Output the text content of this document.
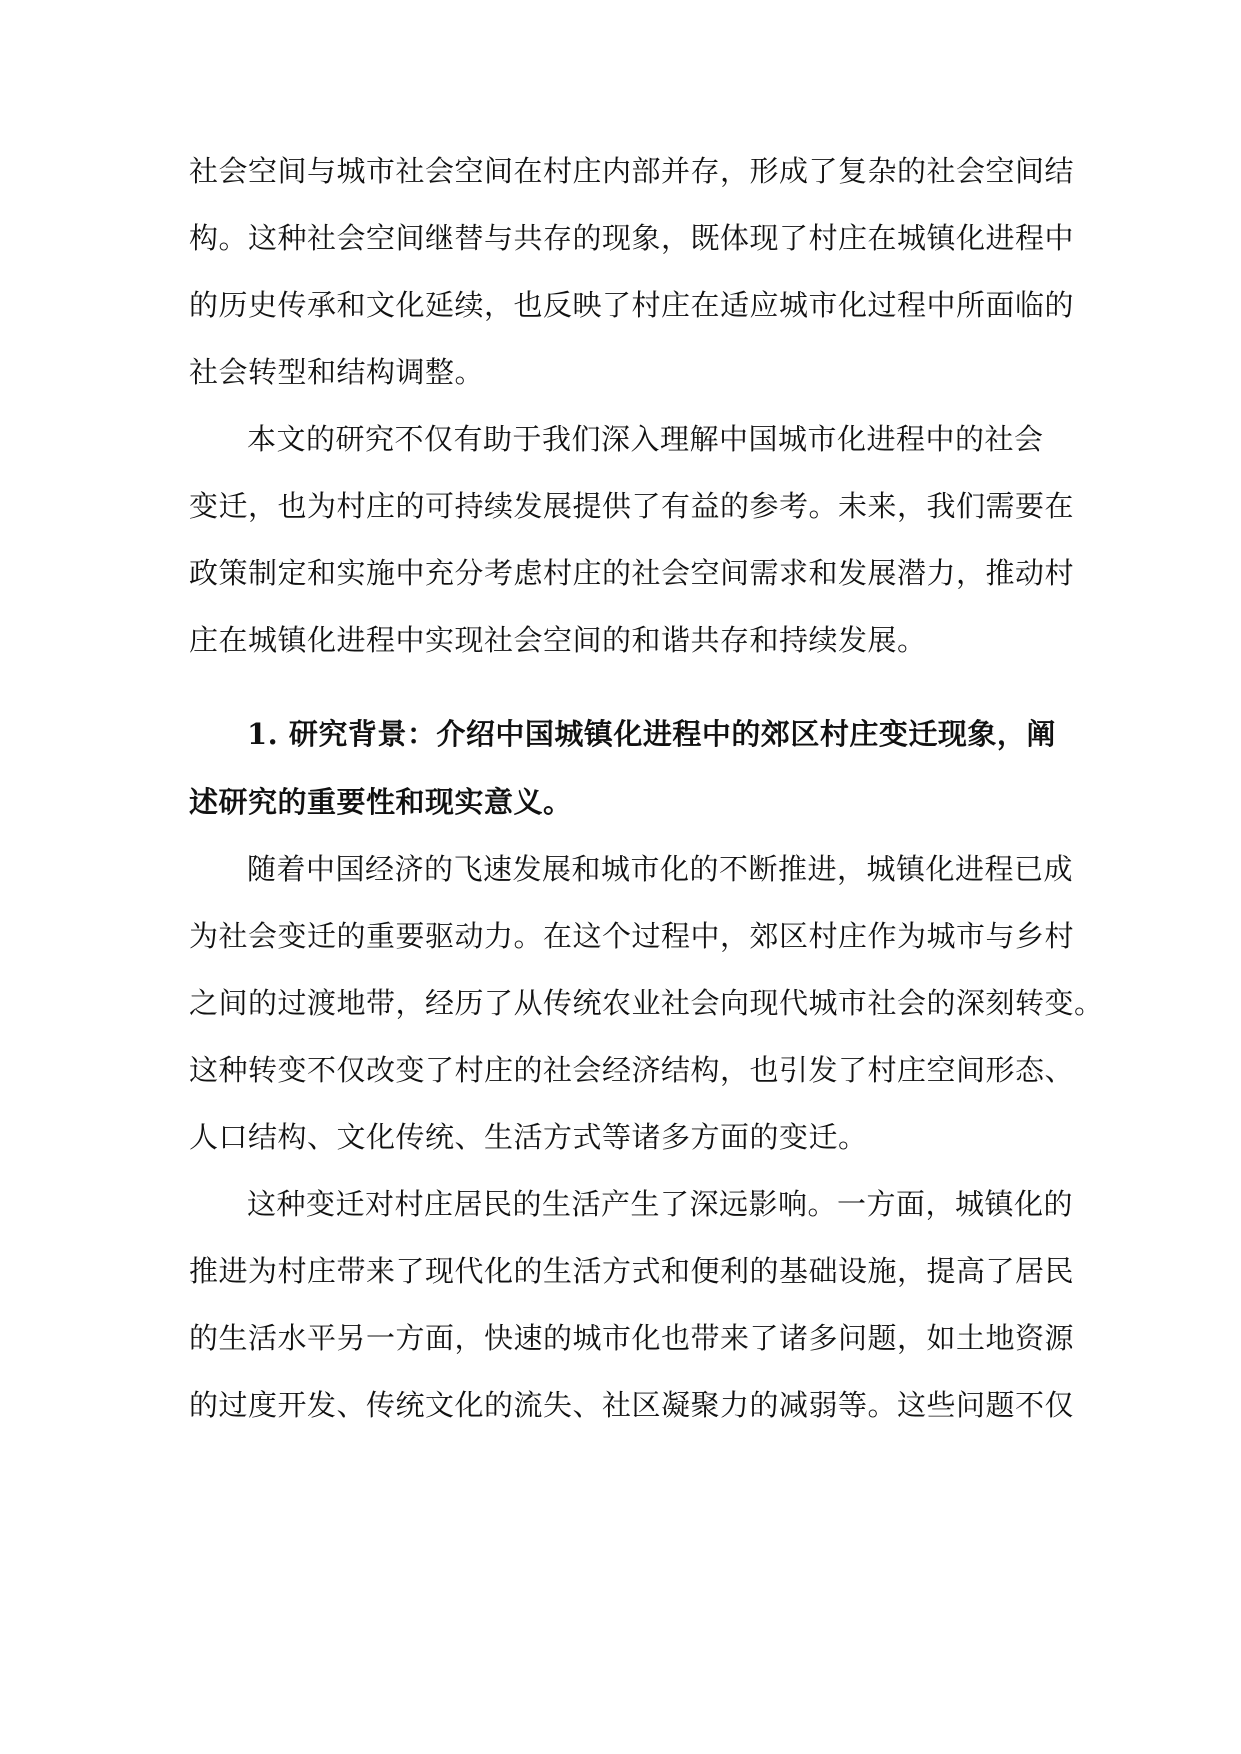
社会空间与城市社会空间在村庄内部并存，形成了复杂的社会空间结
构。这种社会空间继替与共存的现象，既体现了村庄在城镇化进程中
的历史传承和文化延续，也反映了村庄在适应城市化过程中所面临的
社会转型和结构调整。
本文的研究不仅有助于我们深入理解中国城市化进程中的社会
变迁，也为村庄的可持续发展提供了有益的参考。未来，我们需要在
政策制定和实施中充分考虑村庄的社会空间需求和发展潜力，推动村
庄在城镇化进程中实现社会空间的和谐共存和持续发展。
1. 研究背景：介绍中国城镇化进程中的郊区村庄变迁现象，阐
述研究的重要性和现实意义。
随着中国经济的飞速发展和城市化的不断推进，城镇化进程已成
为社会变迁的重要驱动力。在这个过程中，郊区村庄作为城市与乡村
之间的过渡地带，经历了从传统农业社会向现代城市社会的深刻转变。
这种转变不仅改变了村庄的社会经济结构，也引发了村庄空间形态、
人口结构、文化传统、生活方式等诸多方面的变迁。
这种变迁对村庄居民的生活产生了深远影响。一方面，城镇化的
推进为村庄带来了现代化的生活方式和便利的基础设施，提高了居民
的生活水平另一方面，快速的城市化也带来了诸多问题，如土地资源
的过度开发、传统文化的流失、社区凝聚力的减弱等。这些问题不仅
